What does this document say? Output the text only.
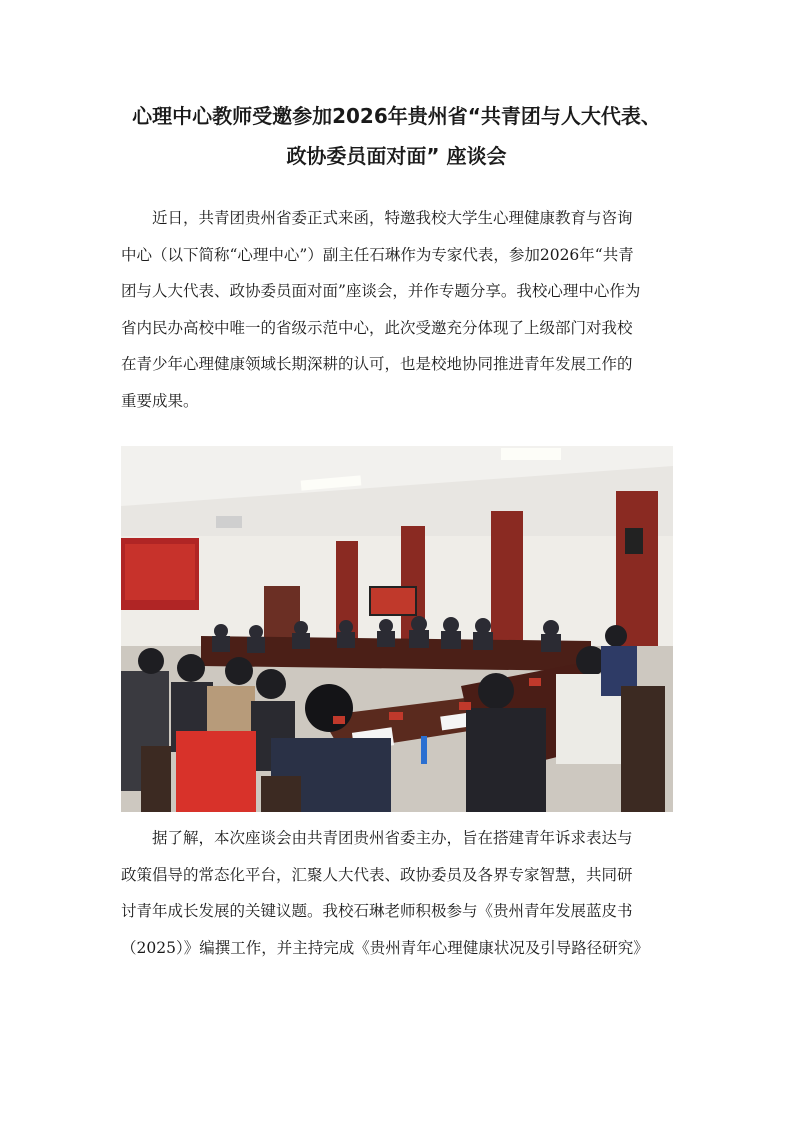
心理中心教师受邀参加2026年贵州省“共青团与人大代表、
政协委员面对面” 座谈会

近日，共青团贵州省委正式来函，特邀我校大学生心理健康教育与咨询
中心（以下简称“心理中心”）副主任石琳作为专家代表，参加2026年“共青
团与人大代表、政协委员面对面”座谈会，并作专题分享。我校心理中心作为
省内民办高校中唯一的省级示范中心，此次受邀充分体现了上级部门对我校
在青少年心理健康领域长期深耕的认可，也是校地协同推进青年发展工作的
重要成果。

据了解，本次座谈会由共青团贵州省委主办，旨在搭建青年诉求表达与
政策倡导的常态化平台，汇聚人大代表、政协委员及各界专家智慧，共同研
讨青年成长发展的关键议题。我校石琳老师积极参与《贵州青年发展蓝皮书
（2025）》编撰工作，并主持完成《贵州青年心理健康状况及引导路径研究》
